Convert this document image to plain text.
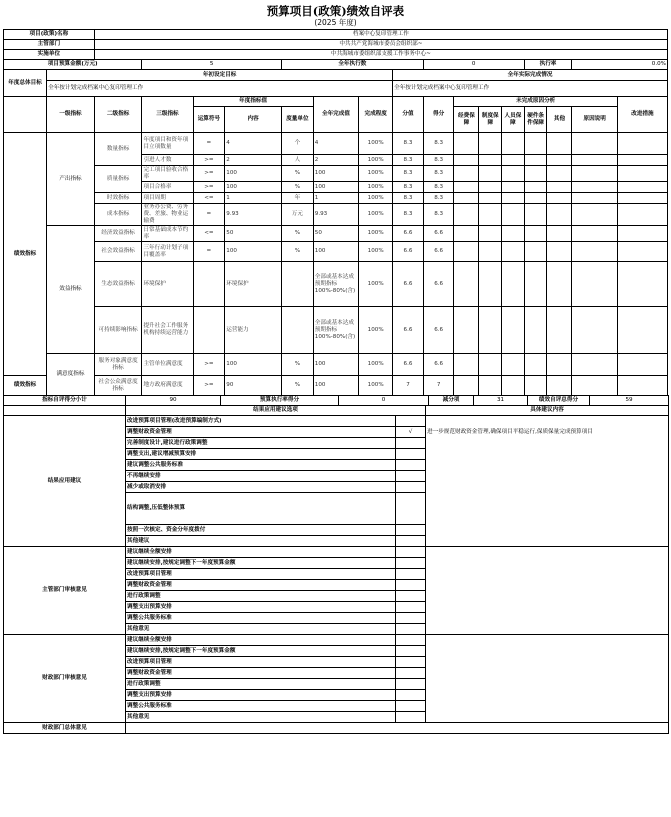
预算项目(政策)绩效自评表
(2025 年度)
项目(政策)名称		档案中心复印管理工作						
主管部门		中共共产党海城市委员会组织部~						
实施单位		中共海城市委组织部支援工作事务中心~						
项目预算金额(万元)			5	全年执行数		0	执行率	0.0%
年度总体目标	年初设定目标				全年实际完成情况			
	全年按计划完成档案中心复印管理工作				全年按计划完成档案中心复印管理工作			
	一级指标	二级指标	三级指标	年度指标值			全年完成值	完成程度	分值	得分	未完成原因分析						改进措施
				运算符号	内容	度量单位					经费保障	制度保障	人员保障	硬件条件保障	其他	原因说明	
绩效指标	产出指标	数量指标	年度项目和资年项目立项数量	=	4	个	4	100%	8.3	8.3							
			引进人才数	>=	2	人	2	100%	8.3	8.3							
		质量指标	完工项目验收合格率	>=	100	%	100	100%	8.3	8.3							
			项目合格率	>=	100	%	100	100%	8.3	8.3							
		时效指标	项目周期	<=	1	年	1	100%	8.3	8.3							
		成本指标	业务办公费、劳务费、差旅、物业运输费	=	9.93	万元	9.93	100%	8.3	8.3							
	效益指标	经济效益指标	日常基础成本节约率	<=	50	%	50	100%	6.6	6.6							
		社会效益指标	三年行动计划子项目覆盖率	=	100	%	100	100%	6.6	6.6							
		生态效益指标	环境保护		环境保护		全部或基本达成预期指标100%-80%(含)	100%	6.6	6.6							
		可持续影响指标	提升社会工作服务机构持续运营能力		运营能力		全部或基本达成预期指标100%-80%(含)	100%	6.6	6.6							
	满意度指标	服务对象满意度指标	主管单位满意度	>=	100	%	100	100%	6.6	6.6							
绩效指标		社会公众满意度指标	地方政府满意度	>=	90	%	100	100%	7	7							
指标自评得分小计	90	预算执行率得分	0	减分项	31	绩效自评总得分	59
	结果应用建议选项		具体建议内容
结果应用建议	改进预算项目管理(改进预算编制方式)		进一步规范财政资金管理,确保项目平稳运行,保质保量完成预算项目
	调整财政资金管理	√	
	完善制度设计,建议进行政策调整		
	调整支出,建议增减预算安排		
	建议调整公共服务标准		
	不再继续安排		
	减少或取消安排		
	结构调整,压低整体预算		
	按照一次核定、资金分年度拨付		
	其他建议		
主管部门审核意见	建议继续全额安排		
	建议继续安排,按规定调整下一年度预算金额		
	改进预算项目管理		
	调整财政资金管理		
	进行政策调整		
	调整支出预算安排		
	调整公共服务标准		
	其他意见		
财政部门审核意见	建议继续全额安排		
	建议继续安排,按规定调整下一年度预算金额		
	改进预算项目管理		
	调整财政资金管理		
	进行政策调整		
	调整支出预算安排		
	调整公共服务标准		
	其他意见		
财政部门总体意见			
